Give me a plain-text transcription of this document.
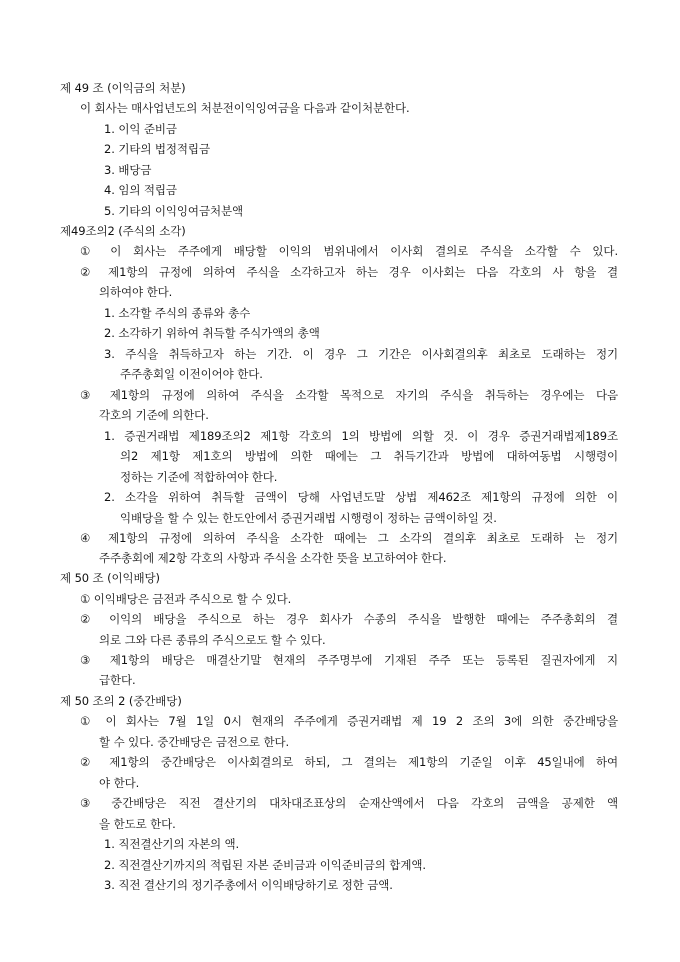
제 49 조 (이익금의 처분)
이 회사는 매사업년도의 처분전이익잉여금을 다음과 같이처분한다.
1. 이익 준비금
2. 기타의 법정적립금
3. 배당금
4. 임의 적립금
5. 기타의 이익잉여금처분액
제49조의2 (주식의 소각)
① 이 회사는 주주에게 배당할 이익의 범위내에서 이사회 결의로 주식을 소각할 수 있다.
② 제1항의 규정에 의하여 주식을 소각하고자 하는 경우 이사회는 다음 각호의 사 항을 결
의하여야 한다.
1. 소각할 주식의 종류와 총수
2. 소각하기 위하여 취득할 주식가액의 총액
3. 주식을 취득하고자 하는 기간. 이 경우 그 기간은 이사회결의후 최초로 도래하는 정기
주주총회일 이전이어야 한다.
③ 제1항의 규정에 의하여 주식을 소각할 목적으로 자기의 주식을 취득하는 경우에는 다음
각호의 기준에 의한다.
1. 증권거래법 제189조의2 제1항 각호의 1의 방법에 의할 것. 이 경우 증권거래법제189조
의2 제1항 제1호의 방법에 의한 때에는 그 취득기간과 방법에 대하여동법 시행령이
정하는 기준에 적합하여야 한다.
2. 소각을 위하여 취득할 금액이 당해 사업년도말 상법 제462조 제1항의 규정에 의한 이
익배당을 할 수 있는 한도안에서 증권거래법 시행령이 정하는 금액이하일 것.
④ 제1항의 규정에 의하여 주식을 소각한 때에는 그 소각의 결의후 최초로 도래하 는 정기
주주총회에 제2항 각호의 사항과 주식을 소각한 뜻을 보고하여야 한다.
제 50 조 (이익배당)
① 이익배당은 금전과 주식으로 할 수 있다.
② 이익의 배당을 주식으로 하는 경우 회사가 수종의 주식을 발행한 때에는 주주총회의 결
의로 그와 다른 종류의 주식으로도 할 수 있다.
③ 제1항의 배당은 매결산기말 현재의 주주명부에 기재된 주주 또는 등록된 질권자에게 지
급한다.
제 50 조의 2 (중간배당)
① 이 회사는 7월 1일 0시 현재의 주주에게 증권거래법 제 19 2 조의 3에 의한 중간배당을
할 수 있다. 중간배당은 금전으로 한다.
② 제1항의 중간배당은 이사회결의로 하되, 그 결의는 제1항의 기준일 이후 45일내에 하여
야 한다.
③ 중간배당은 직전 결산기의 대차대조표상의 순재산액에서 다음 각호의 금액을 공제한 액
을 한도로 한다.
1. 직전결산기의 자본의 액.
2. 직전결산기까지의 적립된 자본 준비금과 이익준비금의 합계액.
3. 직전 결산기의 정기주총에서 이익배당하기로 정한 금액.
